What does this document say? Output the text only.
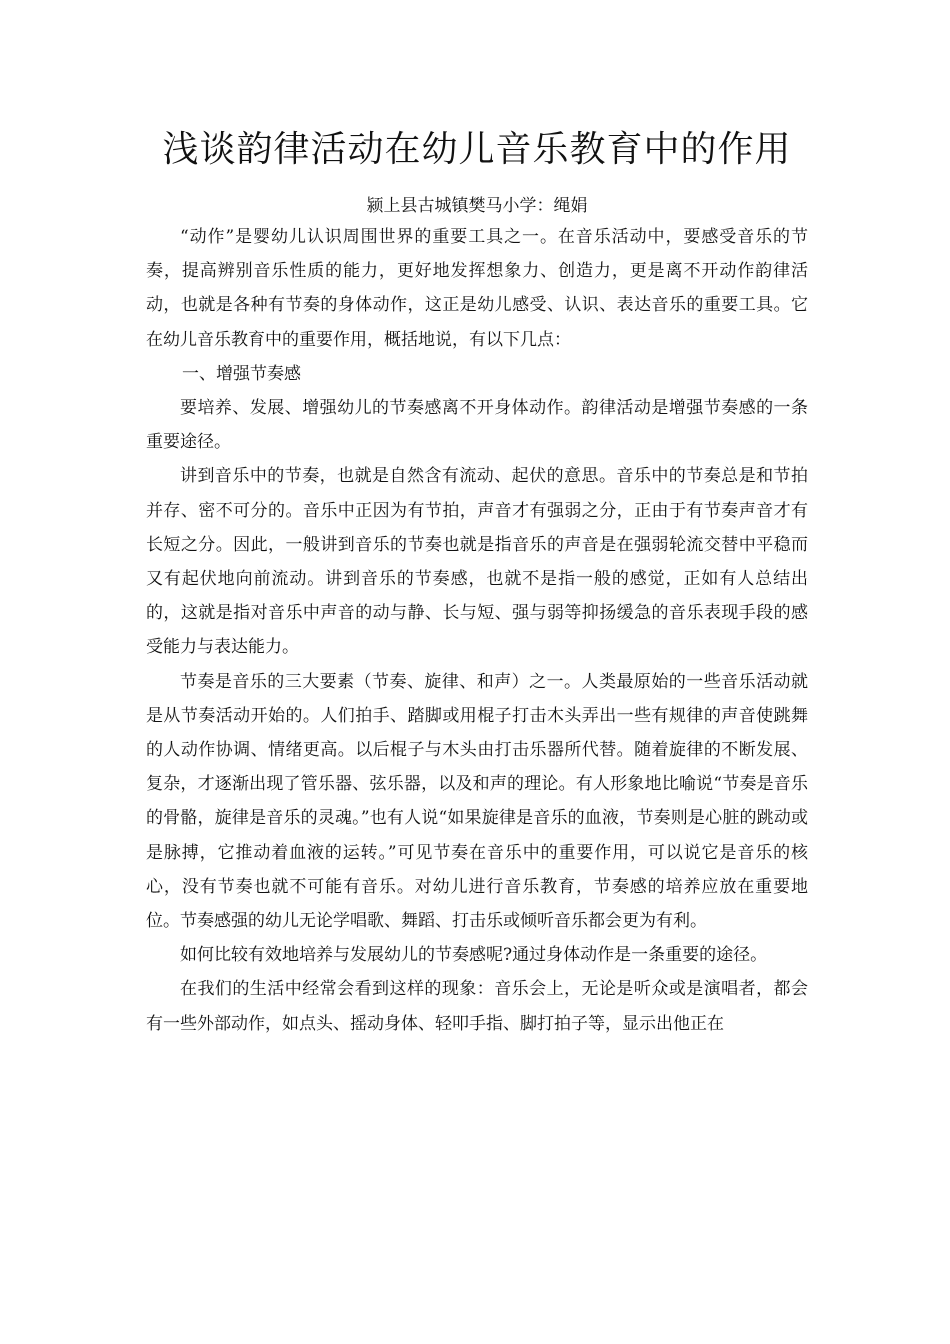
浅谈韵律活动在幼儿音乐教育中的作用

颍上县古城镇樊马小学：绳娟

“动作”是婴幼儿认识周围世界的重要工具之一。在音乐活动中，要感受音乐的节奏，提高辨别音乐性质的能力，更好地发挥想象力、创造力，更是离不开动作韵律活动，也就是各种有节奏的身体动作，这正是幼儿感受、认识、表达音乐的重要工具。它在幼儿音乐教育中的重要作用，概括地说，有以下几点：

一、增强节奏感

要培养、发展、增强幼儿的节奏感离不开身体动作。韵律活动是增强节奏感的一条重要途径。

讲到音乐中的节奏，也就是自然含有流动、起伏的意思。音乐中的节奏总是和节拍并存、密不可分的。音乐中正因为有节拍，声音才有强弱之分，正由于有节奏声音才有长短之分。因此，一般讲到音乐的节奏也就是指音乐的声音是在强弱轮流交替中平稳而又有起伏地向前流动。讲到音乐的节奏感，也就不是指一般的感觉，正如有人总结出的，这就是指对音乐中声音的动与静、长与短、强与弱等抑扬缓急的音乐表现手段的感受能力与表达能力。

节奏是音乐的三大要素（节奏、旋律、和声）之一。人类最原始的一些音乐活动就是从节奏活动开始的。人们拍手、踏脚或用棍子打击木头弄出一些有规律的声音使跳舞的人动作协调、情绪更高。以后棍子与木头由打击乐器所代替。随着旋律的不断发展、复杂，才逐渐出现了管乐器、弦乐器，以及和声的理论。有人形象地比喻说“节奏是音乐的骨骼，旋律是音乐的灵魂。”也有人说“如果旋律是音乐的血液，节奏则是心脏的跳动或是脉搏，它推动着血液的运转。”可见节奏在音乐中的重要作用，可以说它是音乐的核心，没有节奏也就不可能有音乐。对幼儿进行音乐教育，节奏感的培养应放在重要地位。节奏感强的幼儿无论学唱歌、舞蹈、打击乐或倾听音乐都会更为有利。

如何比较有效地培养与发展幼儿的节奏感呢?通过身体动作是一条重要的途径。

在我们的生活中经常会看到这样的现象：音乐会上，无论是听众或是演唱者，都会有一些外部动作，如点头、摇动身体、轻叩手指、脚打拍子等，显示出他正在
